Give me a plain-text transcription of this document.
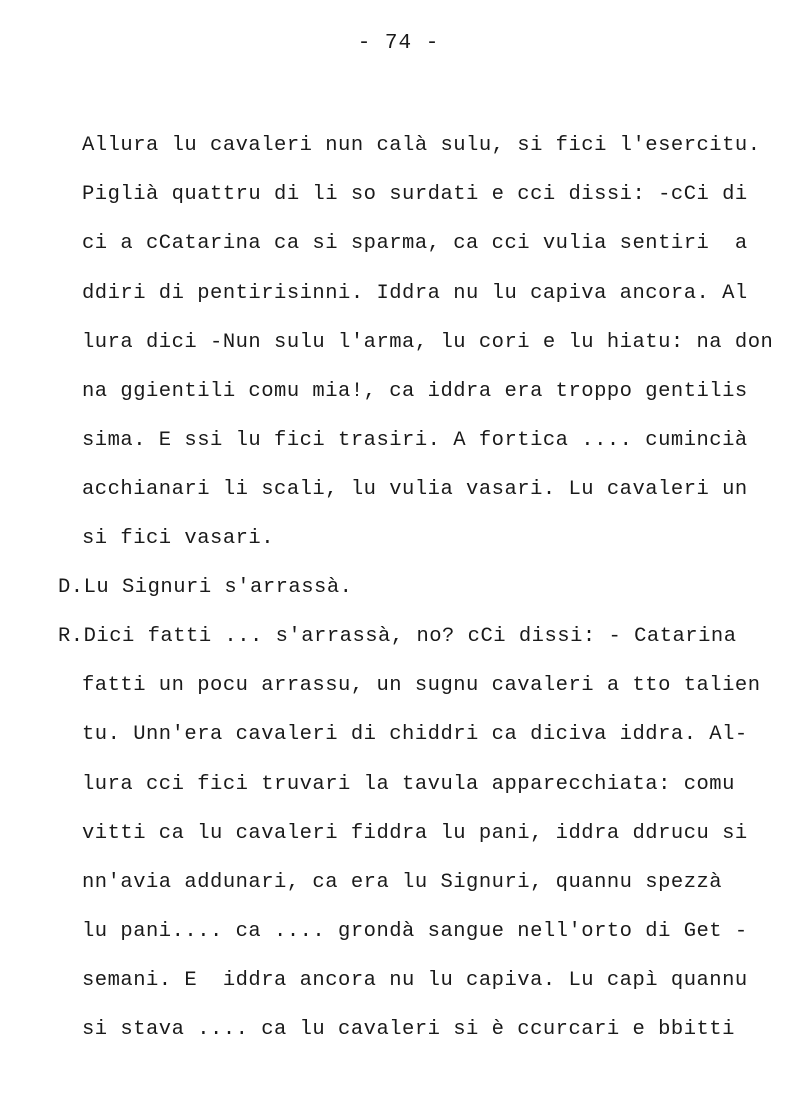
- 74 -
Allura lu cavaleri nun calà sulu, si fici l'esercitu.
Piglià quattru di li so surdati e cci dissi: -cCi di
ci a cCatarina ca si sparma, ca cci vulia sentiri  a
ddiri di pentirisinni. Iddra nu lu capiva ancora. Al
lura dici -Nun sulu l'arma, lu cori e lu hiatu: na don
na ggientili comu mia!, ca iddra era troppo gentilis
sima. E ssi lu fici trasiri. A fortica .... cumincià
acchianari li scali, lu vulia vasari. Lu cavaleri un
si fici vasari.
D.Lu Signuri s'arrassà.
R.Dici fatti ... s'arrassà, no? cCi dissi: - Catarina
fatti un pocu arrassu, un sugnu cavaleri a tto talien
tu. Unn'era cavaleri di chiddri ca diciva iddra. Al-
lura cci fici truvari la tavula apparecchiata: comu
vitti ca lu cavaleri fiddra lu pani, iddra ddrucu si
nn'avia addunari, ca era lu Signuri, quannu spezzà
lu pani.... ca .... grondà sangue nell'orto di Get -
semani. E  iddra ancora nu lu capiva. Lu capì quannu
si stava .... ca lu cavaleri si è ccurcari e bbitti
